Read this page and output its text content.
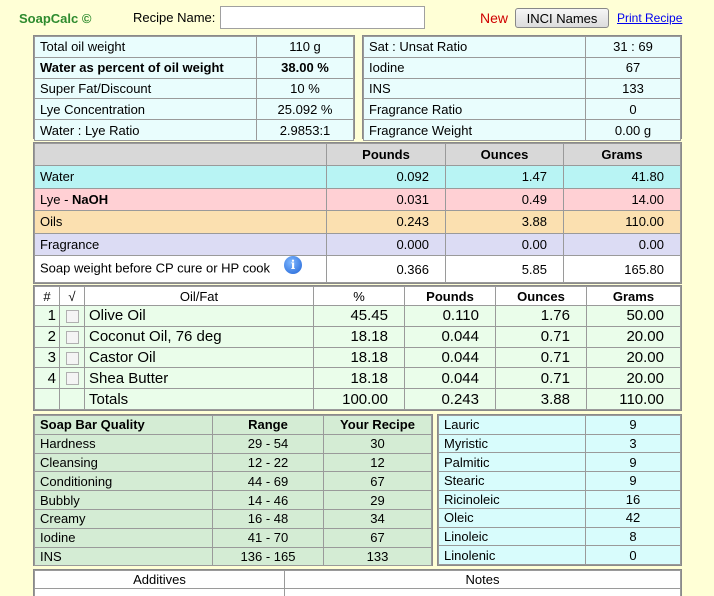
SoapCalc ©	Recipe Name:	New	INCI Names	Print Recipe
Total oil weight	110 g
Water as percent of oil weight	38.00 %
Super Fat/Discount	10 %
Lye Concentration	25.092 %
Water : Lye Ratio	2.9853:1
Sat : Unsat Ratio	31 : 69
Iodine	67
INS	133
Fragrance Ratio	0
Fragrance Weight	0.00 g
	Pounds	Ounces	Grams
Water	0.092	1.47	41.80
Lye - NaOH	0.031	0.49	14.00
Oils	0.243	3.88	110.00
Fragrance	0.000	0.00	0.00
Soap weight before CP cure or HP cook i	0.366	5.85	165.80
#	√	Oil/Fat	%	Pounds	Ounces	Grams
1		Olive Oil	45.45	0.110	1.76	50.00
2		Coconut Oil, 76 deg	18.18	0.044	0.71	20.00
3		Castor Oil	18.18	0.044	0.71	20.00
4		Shea Butter	18.18	0.044	0.71	20.00
		Totals	100.00	0.243	3.88	110.00
Soap Bar Quality	Range	Your Recipe
Hardness	29 - 54	30
Cleansing	12 - 22	12
Conditioning	44 - 69	67
Bubbly	14 - 46	29
Creamy	16 - 48	34
Iodine	41 - 70	67
INS	136 - 165	133
Lauric	9
Myristic	3
Palmitic	9
Stearic	9
Ricinoleic	16
Oleic	42
Linoleic	8
Linolenic	0
Additives	Notes
